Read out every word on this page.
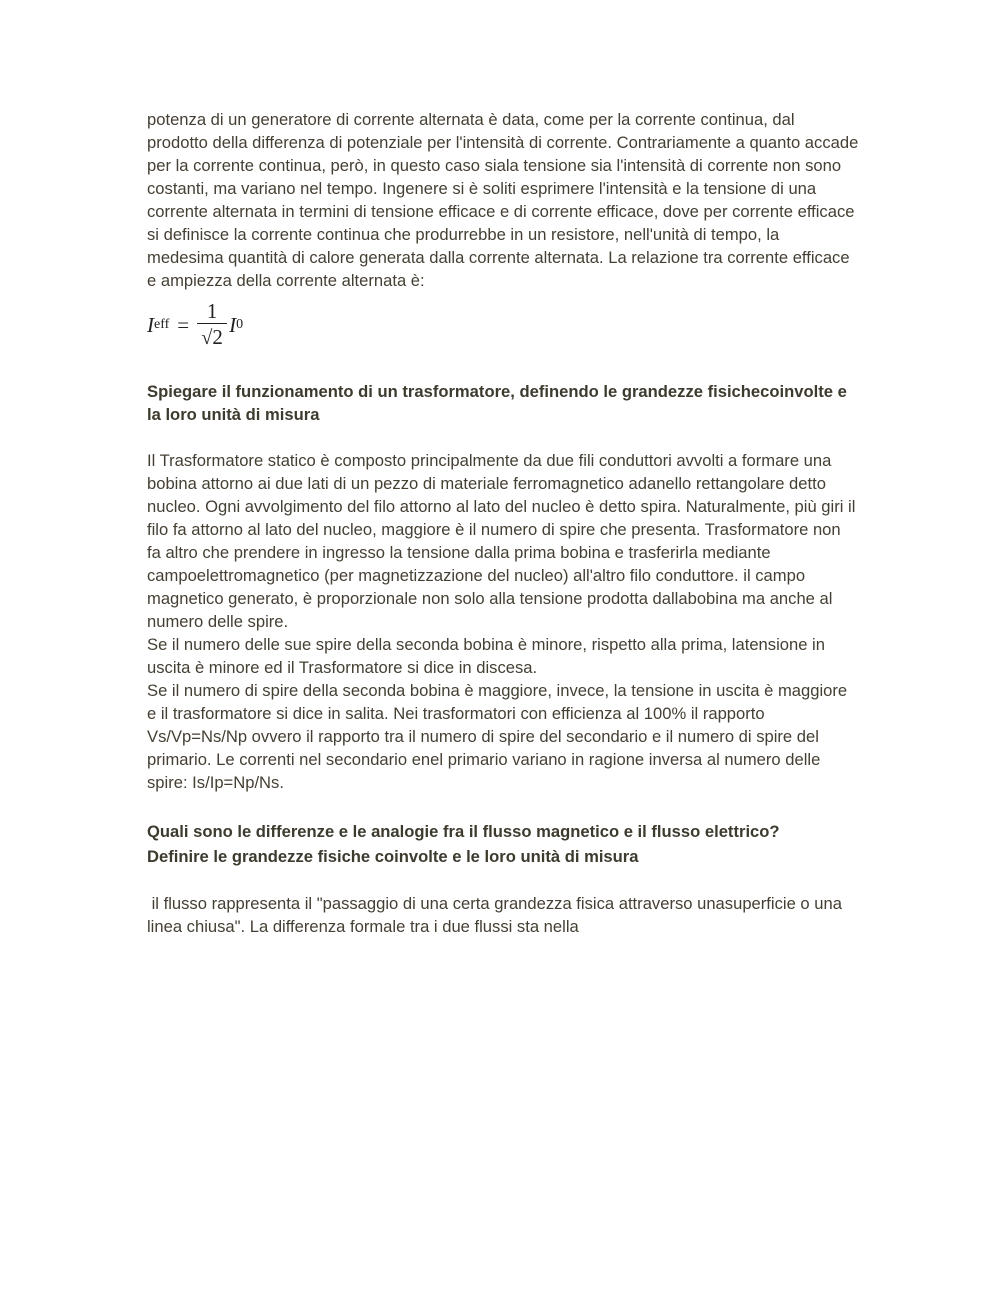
potenza di un generatore di corrente alternata è data, come per la corrente continua, dal prodotto della differenza di potenziale per l'intensità di corrente. Contrariamente a quanto accade per la corrente continua, però, in questo caso siala tensione sia l'intensità di corrente non sono costanti, ma variano nel tempo. Ingenere si è soliti esprimere l'intensità e la tensione di una corrente alternata in termini di tensione efficace e di corrente efficace, dove per corrente efficace si definisce la corrente continua che produrrebbe in un resistore, nell'unità di tempo, la medesima quantità di calore generata dalla corrente alternata. La relazione tra corrente efficace e ampiezza della corrente alternata è:

I eff = $\frac{1}{√2}$ I 0

Spiegare il funzionamento di un trasformatore, definendo le grandezze fisichecoinvolte e la loro unità di misura

Il Trasformatore statico è composto principalmente da due fili conduttori avvolti a formare una bobina attorno ai due lati di un pezzo di materiale ferromagnetico adanello rettangolare detto nucleo. Ogni avvolgimento del filo attorno al lato del nucleo è detto spira. Naturalmente, più giri il filo fa attorno al lato del nucleo, maggiore è il numero di spire che presenta. Trasformatore non fa altro che prendere in ingresso la tensione dalla prima bobina e trasferirla mediante campoelettromagnetico (per magnetizzazione del nucleo) all'altro filo conduttore. il campo magnetico generato, è proporzionale non solo alla tensione prodotta dallabobina ma anche al numero delle spire.

Se il numero delle sue spire della seconda bobina è minore, rispetto alla prima, latensione in uscita è minore ed il Trasformatore si dice in discesa.

Se il numero di spire della seconda bobina è maggiore, invece, la tensione in uscita è maggiore e il trasformatore si dice in salita. Nei trasformatori con efficienza al 100% il rapporto Vs/Vp=Ns/Np ovvero il rapporto tra il numero di spire del secondario e il numero di spire del primario. Le correnti nel secondario enel primario variano in ragione inversa al numero delle spire: Is/Ip=Np/Ns.

Quali sono le differenze e le analogie fra il flusso magnetico e il flusso elettrico?

Definire le grandezze fisiche coinvolte e le loro unità di misura

il flusso rappresenta il "passaggio di una certa grandezza fisica attraverso unasuperficie o una linea chiusa". La differenza formale tra i due flussi sta nella
